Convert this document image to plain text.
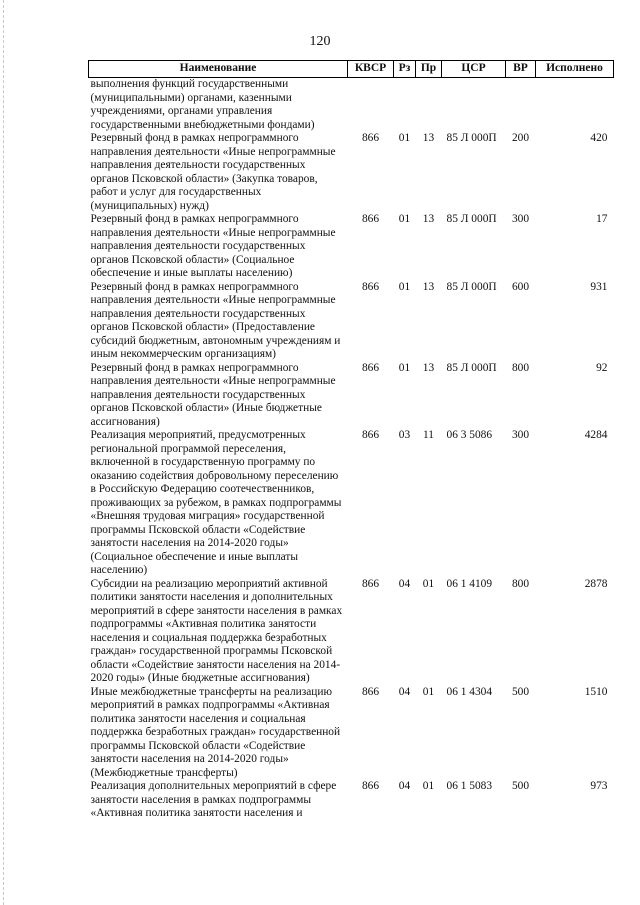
120
Наименование	КВСР	Рз	Пр	ЦСР	ВР	Исполнено
выполнения функций государственными (муниципальными) органами, казенными учреждениями, органами управления государственными внебюджетными фондами)						
Резервный фонд в рамках непрограммного направления деятельности «Иные непрограммные направления деятельности государственных органов Псковской области» (Закупка товаров, работ и услуг для государственных (муниципальных) нужд)	866	01	13	85 Л 000П	200	420
Резервный фонд в рамках непрограммного направления деятельности «Иные непрограммные направления деятельности государственных органов Псковской области» (Социальное обеспечение и иные выплаты населению)	866	01	13	85 Л 000П	300	17
Резервный фонд в рамках непрограммного направления деятельности «Иные непрограммные направления деятельности государственных органов Псковской области» (Предоставление субсидий бюджетным, автономным учреждениям и иным некоммерческим организациям)	866	01	13	85 Л 000П	600	931
Резервный фонд в рамках непрограммного направления деятельности «Иные непрограммные направления деятельности государственных органов Псковской области» (Иные бюджетные ассигнования)	866	01	13	85 Л 000П	800	92
Реализация мероприятий, предусмотренных региональной программой переселения, включенной в государственную программу по оказанию содействия добровольному переселению в Российскую Федерацию соотечественников, проживающих за рубежом, в рамках подпрограммы «Внешняя трудовая миграция» государственной программы Псковской области «Содействие занятости населения на 2014-2020 годы» (Социальное обеспечение и иные выплаты населению)	866	03	11	06 3 5086	300	4284
Субсидии на реализацию мероприятий активной политики занятости населения и дополнительных мероприятий в сфере занятости населения в рамках подпрограммы «Активная политика занятости населения и социальная поддержка безработных граждан» государственной программы Псковской области «Содействие занятости населения на 2014-2020 годы» (Иные бюджетные ассигнования)	866	04	01	06 1 4109	800	2878
Иные межбюджетные трансферты на реализацию мероприятий в рамках подпрограммы «Активная политика занятости населения и социальная поддержка безработных граждан» государственной программы Псковской области «Содействие занятости населения на 2014-2020 годы» (Межбюджетные трансферты)	866	04	01	06 1 4304	500	1510
Реализация дополнительных мероприятий в сфере занятости населения в рамках подпрограммы «Активная политика занятости населения и	866	04	01	06 1 5083	500	973
